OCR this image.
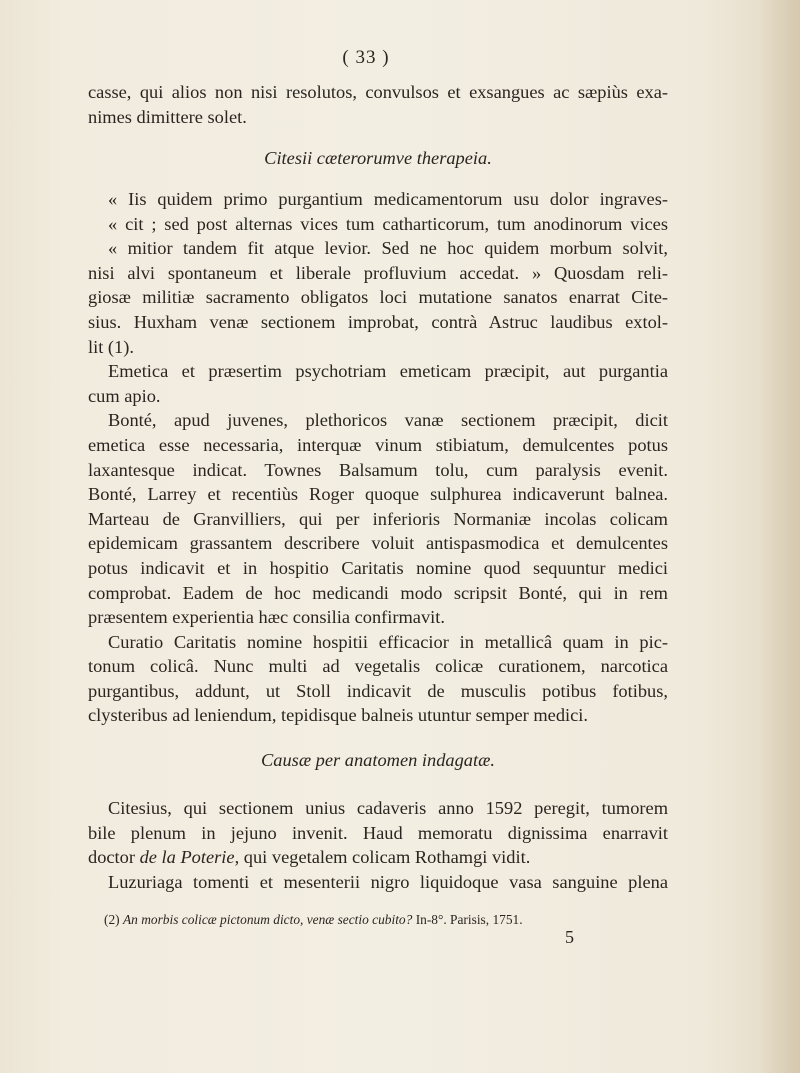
( 33 )

casse, qui alios non nisi resolutos, convulsos et exsangues ac sæpiùs exa-

nimes dimittere solet.

Citesii cæterorumve therapeia.

« Iis quidem primo purgantium medicamentorum usu dolor ingraves-

« cit ; sed post alternas vices tum catharticorum, tum anodinorum vices

« mitior tandem fit atque levior. Sed ne hoc quidem morbum solvit,

nisi alvi spontaneum et liberale profluvium accedat. » Quosdam reli-

giosæ militiæ sacramento obligatos loci mutatione sanatos enarrat Cite-

sius. Huxham venæ sectionem improbat, contrà Astruc laudibus extol-

lit (1).

Emetica et præsertim psychotriam emeticam præcipit, aut purgantia

cum apio.

Bonté, apud juvenes, plethoricos vanæ sectionem præcipit, dicit

emetica esse necessaria, interquæ vinum stibiatum, demulcentes potus

laxantesque indicat. Townes Balsamum tolu, cum paralysis evenit.

Bonté, Larrey et recentiùs Roger quoque sulphurea indicaverunt balnea.

Marteau de Granvilliers, qui per inferioris Normaniæ incolas colicam

epidemicam grassantem describere voluit antispasmodica et demulcentes

potus indicavit et in hospitio Caritatis nomine quod sequuntur medici

comprobat. Eadem de hoc medicandi modo scripsit Bonté, qui in rem

præsentem experientia hæc consilia confirmavit.

Curatio Caritatis nomine hospitii efficacior in metallicâ quam in pic-

tonum colicâ. Nunc multi ad vegetalis colicæ curationem, narcotica

purgantibus, addunt, ut Stoll indicavit de musculis potibus fotibus,

clysteribus ad leniendum, tepidisque balneis utuntur semper medici.

Causæ per anatomen indagatæ.

Citesius, qui sectionem unius cadaveris anno 1592 peregit, tumorem

bile plenum in jejuno invenit. Haud memoratu dignissima enarravit

doctor de la Poterie, qui vegetalem colicam Rothamgi vidit.

Luzuriaga tomenti et mesenterii nigro liquidoque vasa sanguine plena

(2) An morbis colicæ pictonum dicto, venæ sectio cubito? In-8°. Parisis, 1751.
5
